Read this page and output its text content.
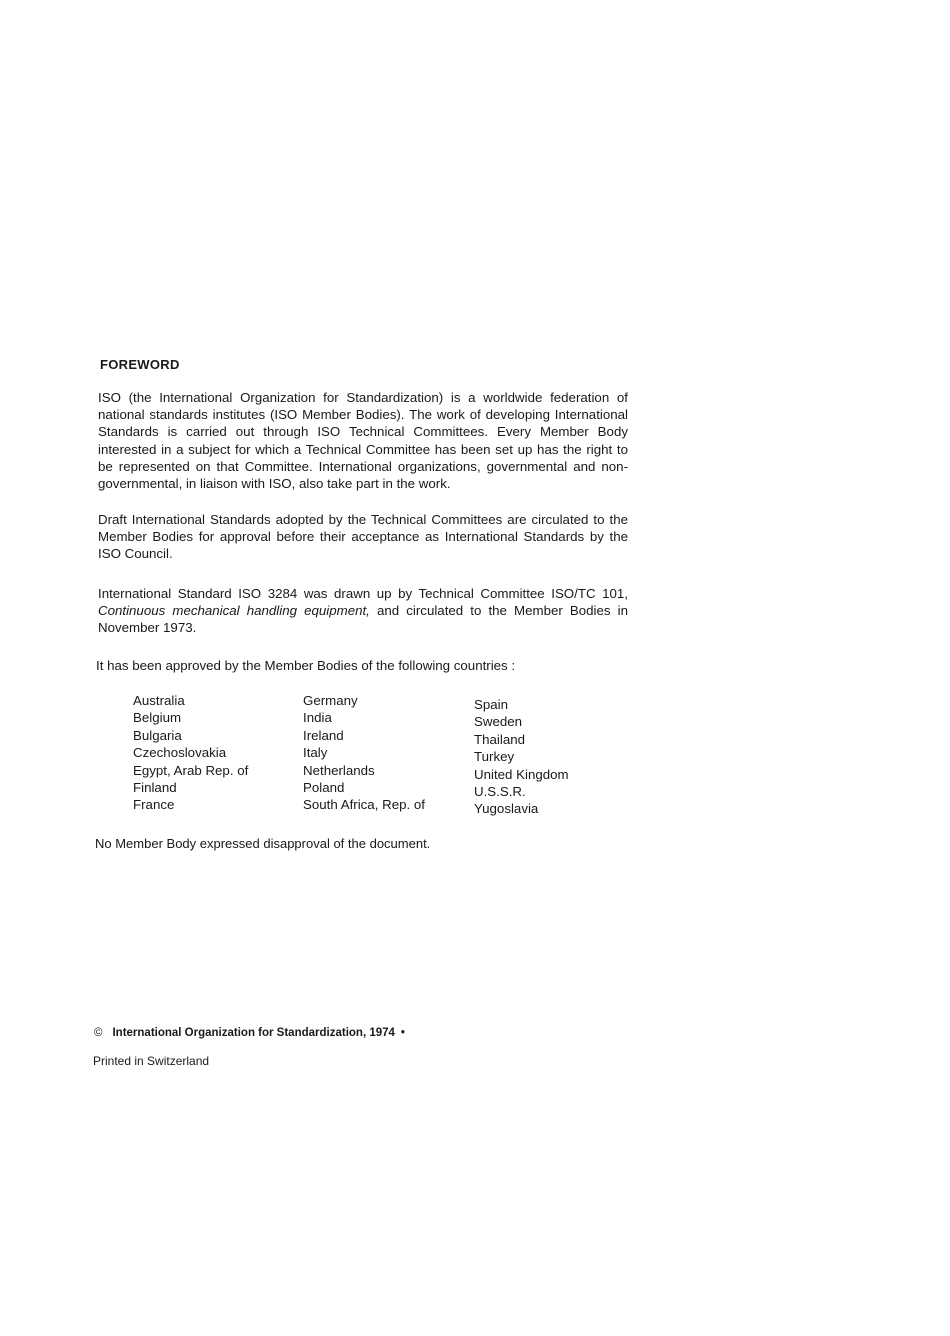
FOREWORD
ISO (the International Organization for Standardization) is a worldwide federation of national standards institutes (ISO Member Bodies). The work of developing International Standards is carried out through ISO Technical Committees. Every Member Body interested in a subject for which a Technical Committee has been set up has the right to be represented on that Committee. International organizations, governmental and non-governmental, in liaison with ISO, also take part in the work.
Draft International Standards adopted by the Technical Committees are circulated to the Member Bodies for approval before their acceptance as International Standards by the ISO Council.
International Standard ISO 3284 was drawn up by Technical Committee ISO/TC 101, Continuous mechanical handling equipment, and circulated to the Member Bodies in November 1973.
It has been approved by the Member Bodies of the following countries :
Australia
Belgium
Bulgaria
Czechoslovakia
Egypt, Arab Rep. of
Finland
France
Germany
India
Ireland
Italy
Netherlands
Poland
South Africa, Rep. of
Spain
Sweden
Thailand
Turkey
United Kingdom
U.S.S.R.
Yugoslavia
No Member Body expressed disapproval of the document.
© International Organization for Standardization, 1974 •
Printed in Switzerland
